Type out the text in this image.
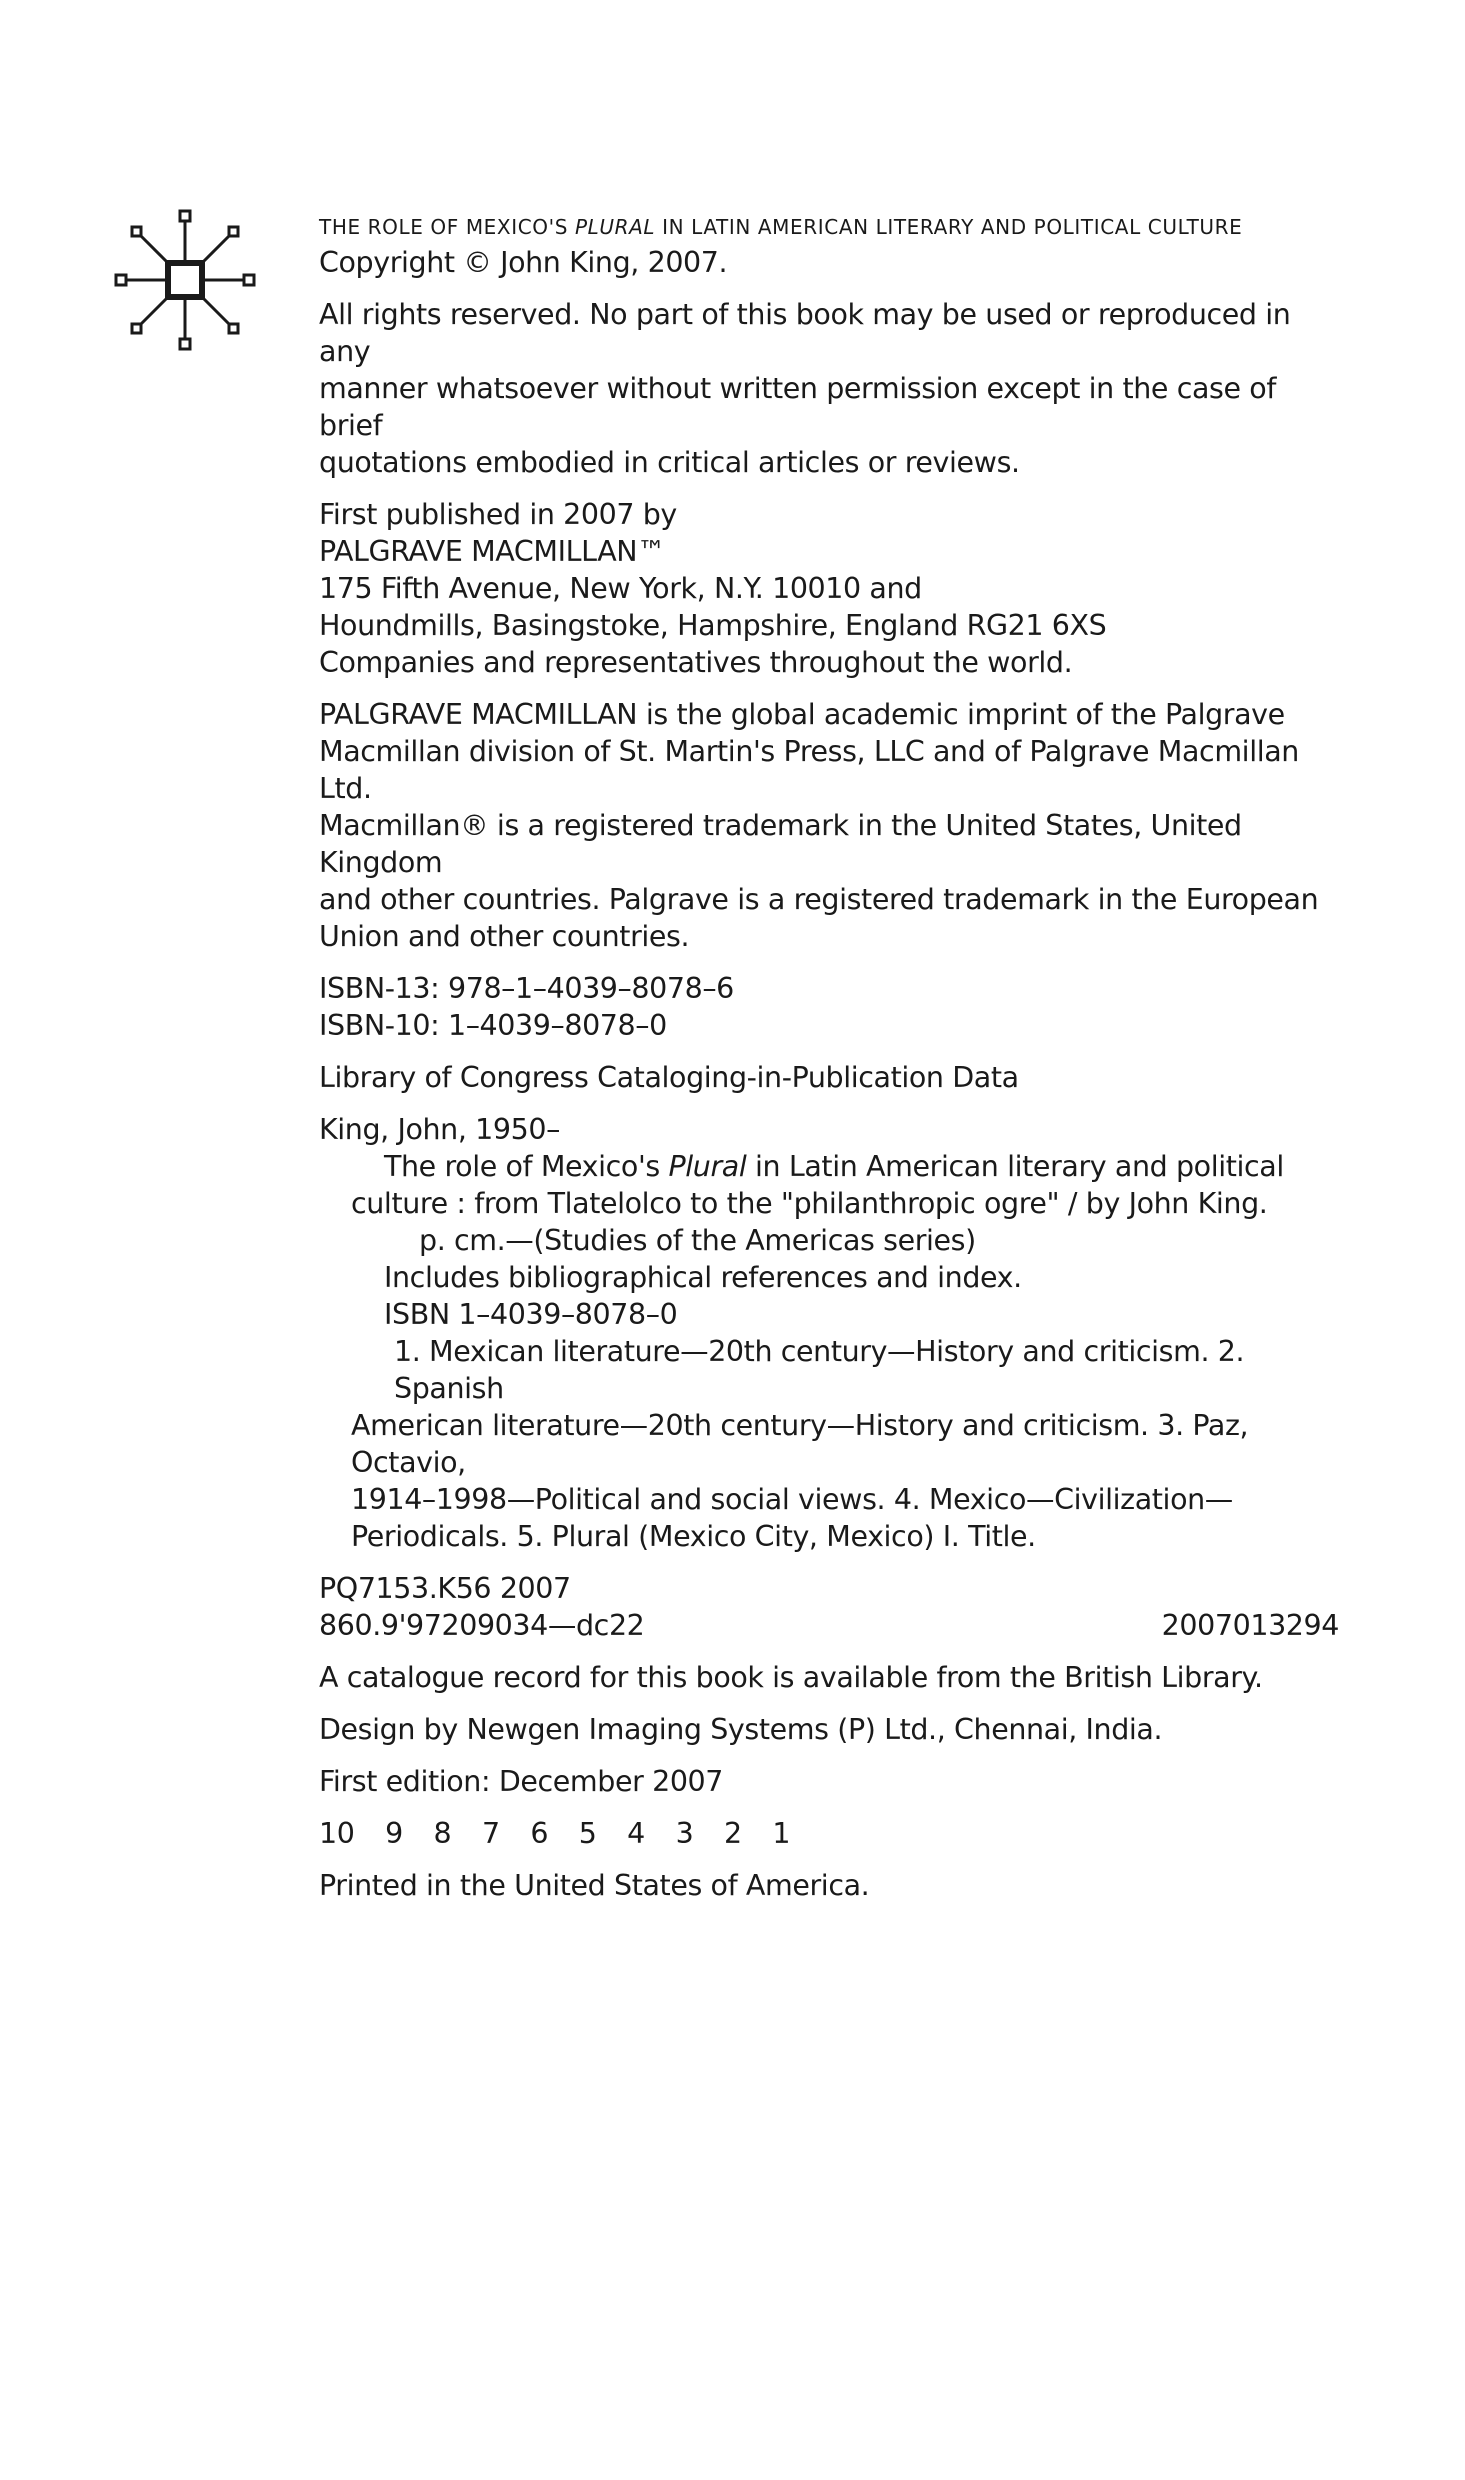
THE ROLE OF MEXICO'S PLURAL IN LATIN AMERICAN LITERARY AND POLITICAL CULTURE

Copyright © John King, 2007.

All rights reserved. No part of this book may be used or reproduced in any
manner whatsoever without written permission except in the case of brief
quotations embodied in critical articles or reviews.

First published in 2007 by
PALGRAVE MACMILLAN™
175 Fifth Avenue, New York, N.Y. 10010 and
Houndmills, Basingstoke, Hampshire, England RG21 6XS
Companies and representatives throughout the world.

PALGRAVE MACMILLAN is the global academic imprint of the Palgrave
Macmillan division of St. Martin's Press, LLC and of Palgrave Macmillan Ltd.
Macmillan® is a registered trademark in the United States, United Kingdom
and other countries. Palgrave is a registered trademark in the European
Union and other countries.

ISBN-13: 978–1–4039–8078–6
ISBN-10: 1–4039–8078–0

Library of Congress Cataloging-in-Publication Data

King, John, 1950–
The role of Mexico's Plural in Latin American literary and political
culture : from Tlatelolco to the "philanthropic ogre" / by John King.
p. cm.—(Studies of the Americas series)
Includes bibliographical references and index.
ISBN 1–4039–8078–0
1. Mexican literature—20th century—History and criticism. 2. Spanish
American literature—20th century—History and criticism. 3. Paz, Octavio,
1914–1998—Political and social views. 4. Mexico—Civilization—
Periodicals. 5. Plural (Mexico City, Mexico) I. Title.

PQ7153.K56 2007
860.9'97209034—dc22	2007013294

A catalogue record for this book is available from the British Library.

Design by Newgen Imaging Systems (P) Ltd., Chennai, India.

First edition: December 2007

10 9 8 7 6 5 4 3 2 1

Printed in the United States of America.
